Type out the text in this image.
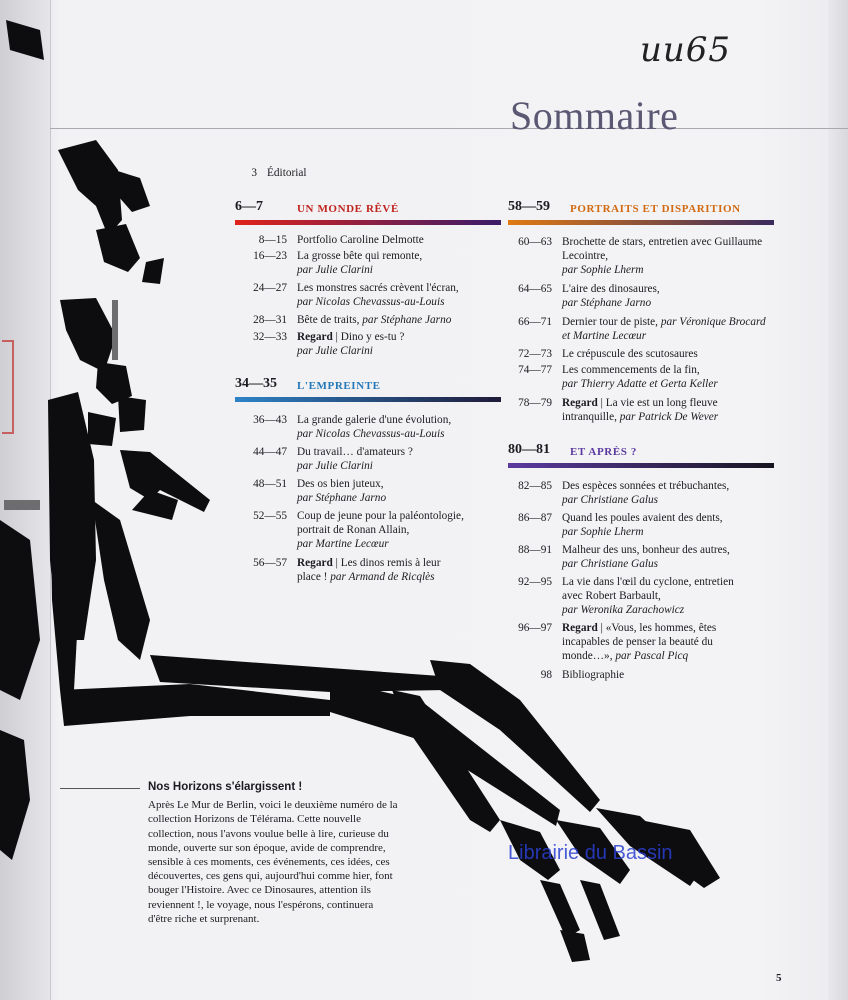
uu65
Sommaire
3 Éditorial
6—7	UN MONDE RÊVÉ
8—15 Portfolio Caroline Delmotte
16—23 La grosse bête qui remonte,
par Julie Clarini
24—27 Les monstres sacrés crèvent l'écran,
par Nicolas Chevassus-au-Louis
28—31 Bête de traits, par Stéphane Jarno
32—33 Regard | Dino y es-tu ?
par Julie Clarini
34—35 L'EMPREINTE
36—43 La grande galerie d'une évolution,
par Nicolas Chevassus-au-Louis
44—47 Du travail… d'amateurs ?
par Julie Clarini
48—51 Des os bien juteux,
par Stéphane Jarno
52—55 Coup de jeune pour la paléontologie, portrait de Ronan Allain,
par Martine Lecœur
56—57 Regard | Les dinos remis à leur place ! par Armand de Ricqlès
58—59 PORTRAITS ET DISPARITION
60—63 Brochette de stars, entretien avec Guillaume Lecointre,
par Sophie Lherm
64—65 L'aire des dinosaures,
par Stéphane Jarno
66—71 Dernier tour de piste, par Véronique Brocard et Martine Lecœur
72—73 Le crépuscule des scutosaures
74—77 Les commencements de la fin,
par Thierry Adatte et Gerta Keller
78—79 Regard | La vie est un long fleuve intranquille, par Patrick De Wever
80—81 ET APRÈS ?
82—85 Des espèces sonnées et trébuchantes,
par Christiane Galus
86—87 Quand les poules avaient des dents,
par Sophie Lherm
88—91 Malheur des uns, bonheur des autres,
par Christiane Galus
92—95 La vie dans l'œil du cyclone, entretien avec Robert Barbault,
par Weronika Zarachowicz
96—97 Regard | «Vous, les hommes, êtes incapables de penser la beauté du monde…», par Pascal Picq
98 Bibliographie
Nos Horizons s'élargissent !
Après Le Mur de Berlin, voici le deuxième numéro de la collection Horizons de Télérama. Cette nouvelle collection, nous l'avons voulue belle à lire, curieuse du monde, ouverte sur son époque, avide de comprendre, sensible à ces moments, ces événements, ces idées, ces découvertes, ces gens qui, aujourd'hui comme hier, font bouger l'Histoire. Avec ce Dinosaures, attention ils reviennent !, le voyage, nous l'espérons, continuera d'être riche et surprenant.
Librairie du Bassin
5
